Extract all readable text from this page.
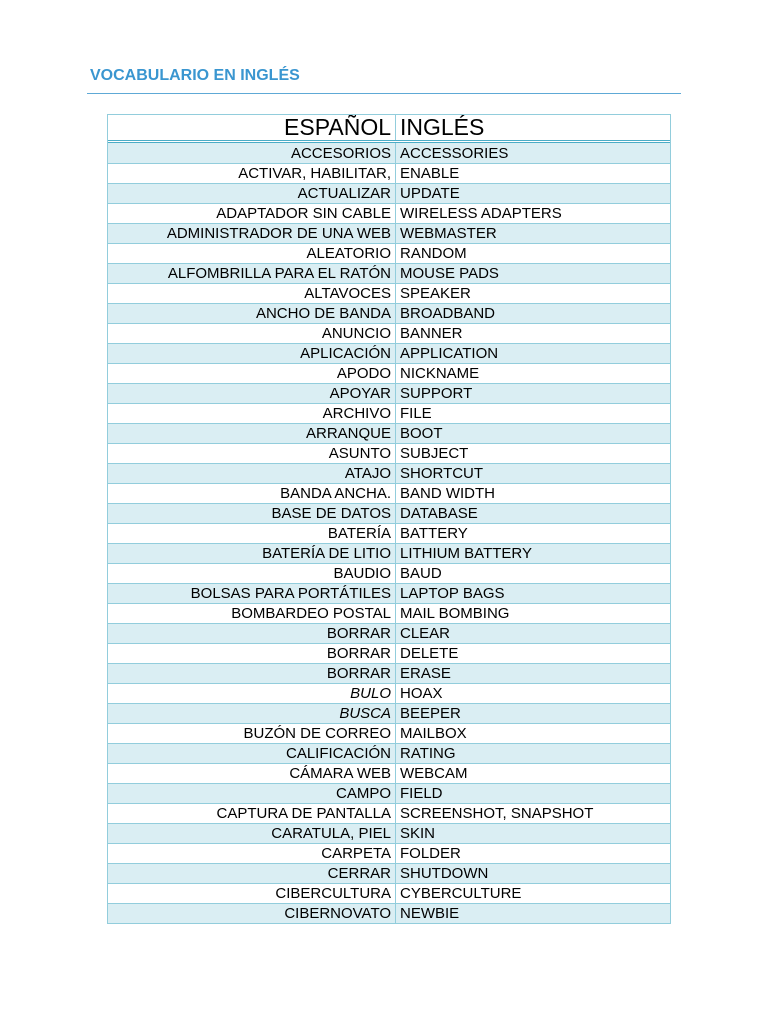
VOCABULARIO EN INGLÉS
ESPAÑOL INGLÉS
ACCESORIOS ACCESSORIES
ACTIVAR, HABILITAR, ENABLE
ACTUALIZAR UPDATE
ADAPTADOR SIN CABLE WIRELESS ADAPTERS
ADMINISTRADOR DE UNA WEB WEBMASTER
ALEATORIO RANDOM
ALFOMBRILLA PARA EL RATÓN MOUSE PADS
ALTAVOCES SPEAKER
ANCHO DE BANDA BROADBAND
ANUNCIO BANNER
APLICACIÓN APPLICATION
APODO NICKNAME
APOYAR SUPPORT
ARCHIVO FILE
ARRANQUE BOOT
ASUNTO SUBJECT
ATAJO SHORTCUT
BANDA ANCHA. BAND WIDTH
BASE DE DATOS DATABASE
BATERÍA BATTERY
BATERÍA DE LITIO LITHIUM BATTERY
BAUDIO BAUD
BOLSAS PARA PORTÁTILES LAPTOP BAGS
BOMBARDEO POSTAL MAIL BOMBING
BORRAR CLEAR
BORRAR DELETE
BORRAR ERASE
BULO HOAX
BUSCA BEEPER
BUZÓN DE CORREO MAILBOX
CALIFICACIÓN RATING
CÁMARA WEB WEBCAM
CAMPO FIELD
CAPTURA DE PANTALLA SCREENSHOT, SNAPSHOT
CARATULA, PIEL SKIN
CARPETA FOLDER
CERRAR SHUTDOWN
CIBERCULTURA CYBERCULTURE
CIBERNOVATO NEWBIE
